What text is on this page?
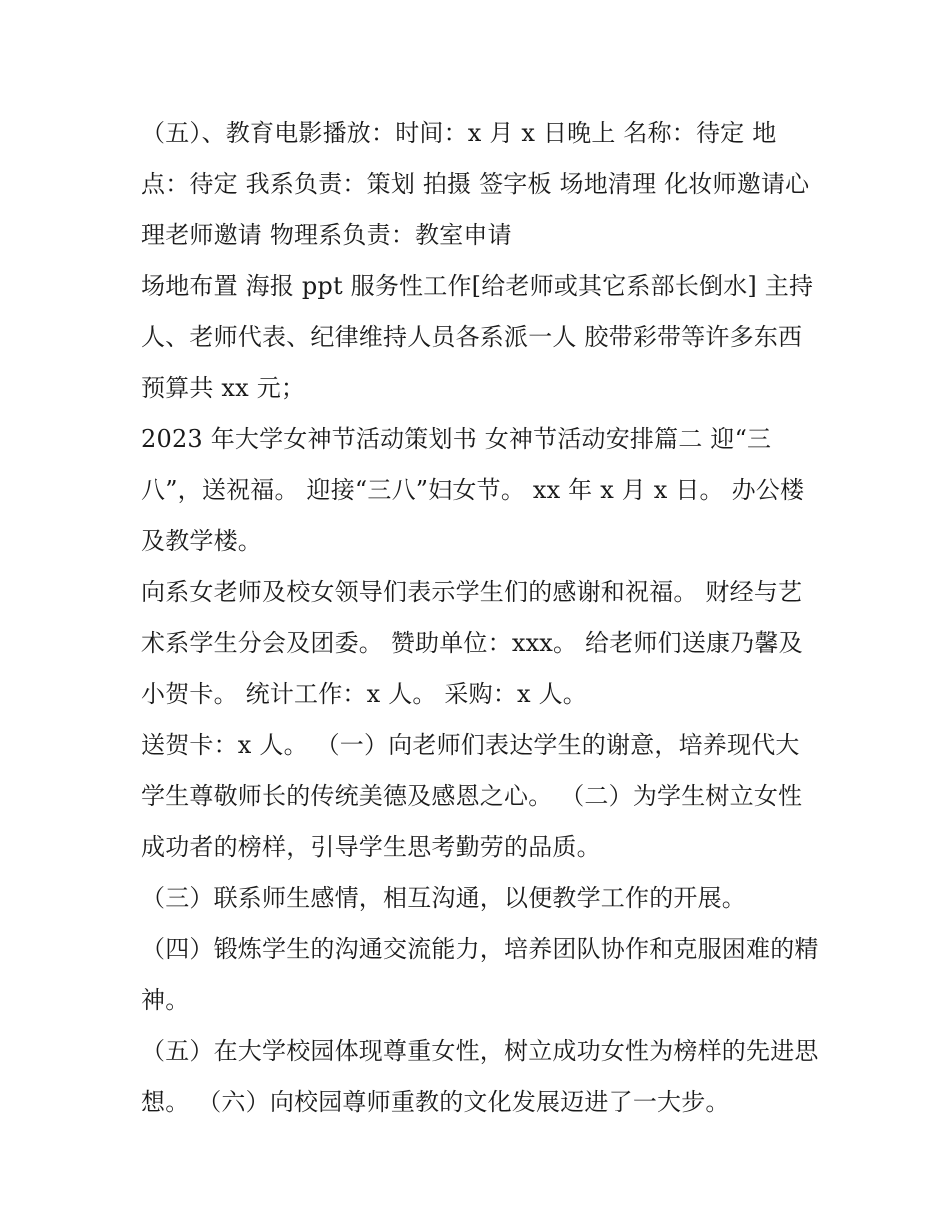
（五）、教育电影播放：时间：x 月 x 日晚上 名称：待定 地点：待定 我系负责：策划 拍摄 签字板 场地清理 化妆师邀请心理老师邀请 物理系负责：教室申请

场地布置 海报 ppt 服务性工作[给老师或其它系部长倒水] 主持人、老师代表、纪律维持人员各系派一人 胶带彩带等许多东西预算共 xx 元；

2023 年大学女神节活动策划书 女神节活动安排篇二 迎“三八”，送祝福。 迎接“三八”妇女节。 xx 年 x 月 x 日。 办公楼及教学楼。

向系女老师及校女领导们表示学生们的感谢和祝福。 财经与艺术系学生分会及团委。 赞助单位：xxx。 给老师们送康乃馨及小贺卡。 统计工作：x 人。 采购：x 人。

送贺卡：x 人。 （一）向老师们表达学生的谢意，培养现代大学生尊敬师长的传统美德及感恩之心。 （二）为学生树立女性成功者的榜样，引导学生思考勤劳的品质。

（三）联系师生感情，相互沟通，以便教学工作的开展。

（四）锻炼学生的沟通交流能力，培养团队协作和克服困难的精神。

（五）在大学校园体现尊重女性，树立成功女性为榜样的先进思想。 （六）向校园尊师重教的文化发展迈进了一大步。
